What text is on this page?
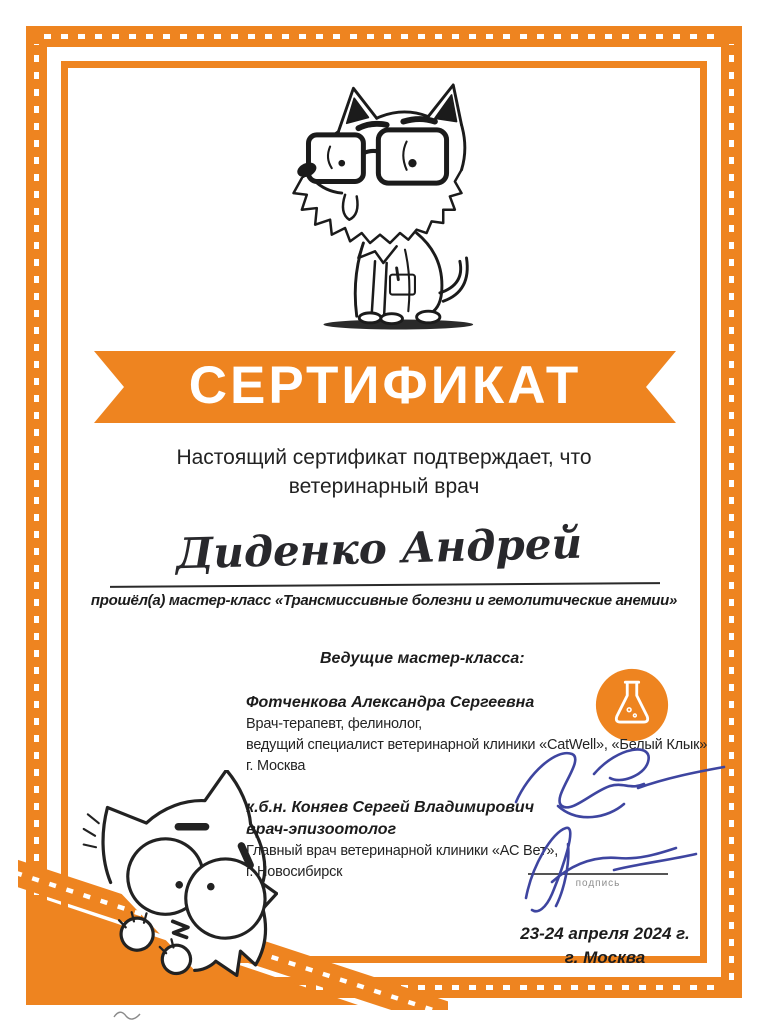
СЕРТИФИКАТ
Настоящий сертификат подтверждает, что
ветеринарный врач
Диденко Андрей
прошёл(а) мастер-класс «Трансмиссивные болезни и гемолитические анемии»
Ведущие мастер-класса:
Фотченкова Александра Сергеевна
Врач-терапевт, фелинолог,
ведущий специалист ветеринарной клиники «CatWell», «Белый Клык»
г. Москва
к.б.н. Коняев Сергей Владимирович
врач-эпизоотолог
Главный врач ветеринарной клиники «АС Вет»,
г. Новосибирск
подпись
23-24 апреля 2024 г.
г. Москва
